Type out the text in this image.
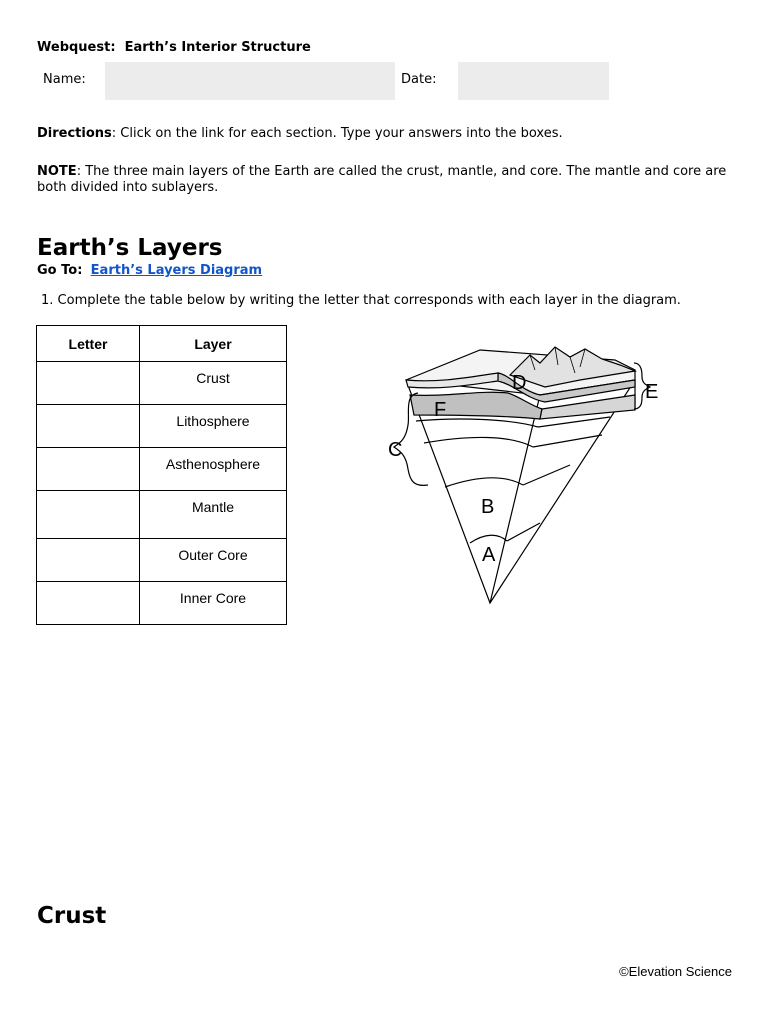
Webquest: Earth’s Interior Structure
Name:	Date:
Directions: Click on the link for each section. Type your answers into the boxes.
NOTE: The three main layers of the Earth are called the crust, mantle, and core. The mantle and core are both divided into sublayers.
Earth’s Layers
Go To: Earth’s Layers Diagram
1. Complete the table below by writing the letter that corresponds with each layer in the diagram.
Letter	Layer
	Crust
	Lithosphere
	Asthenosphere
	Mantle
	Outer Core
	Inner Core
D
F
E
C
B
A
Crust
©Elevation Science
